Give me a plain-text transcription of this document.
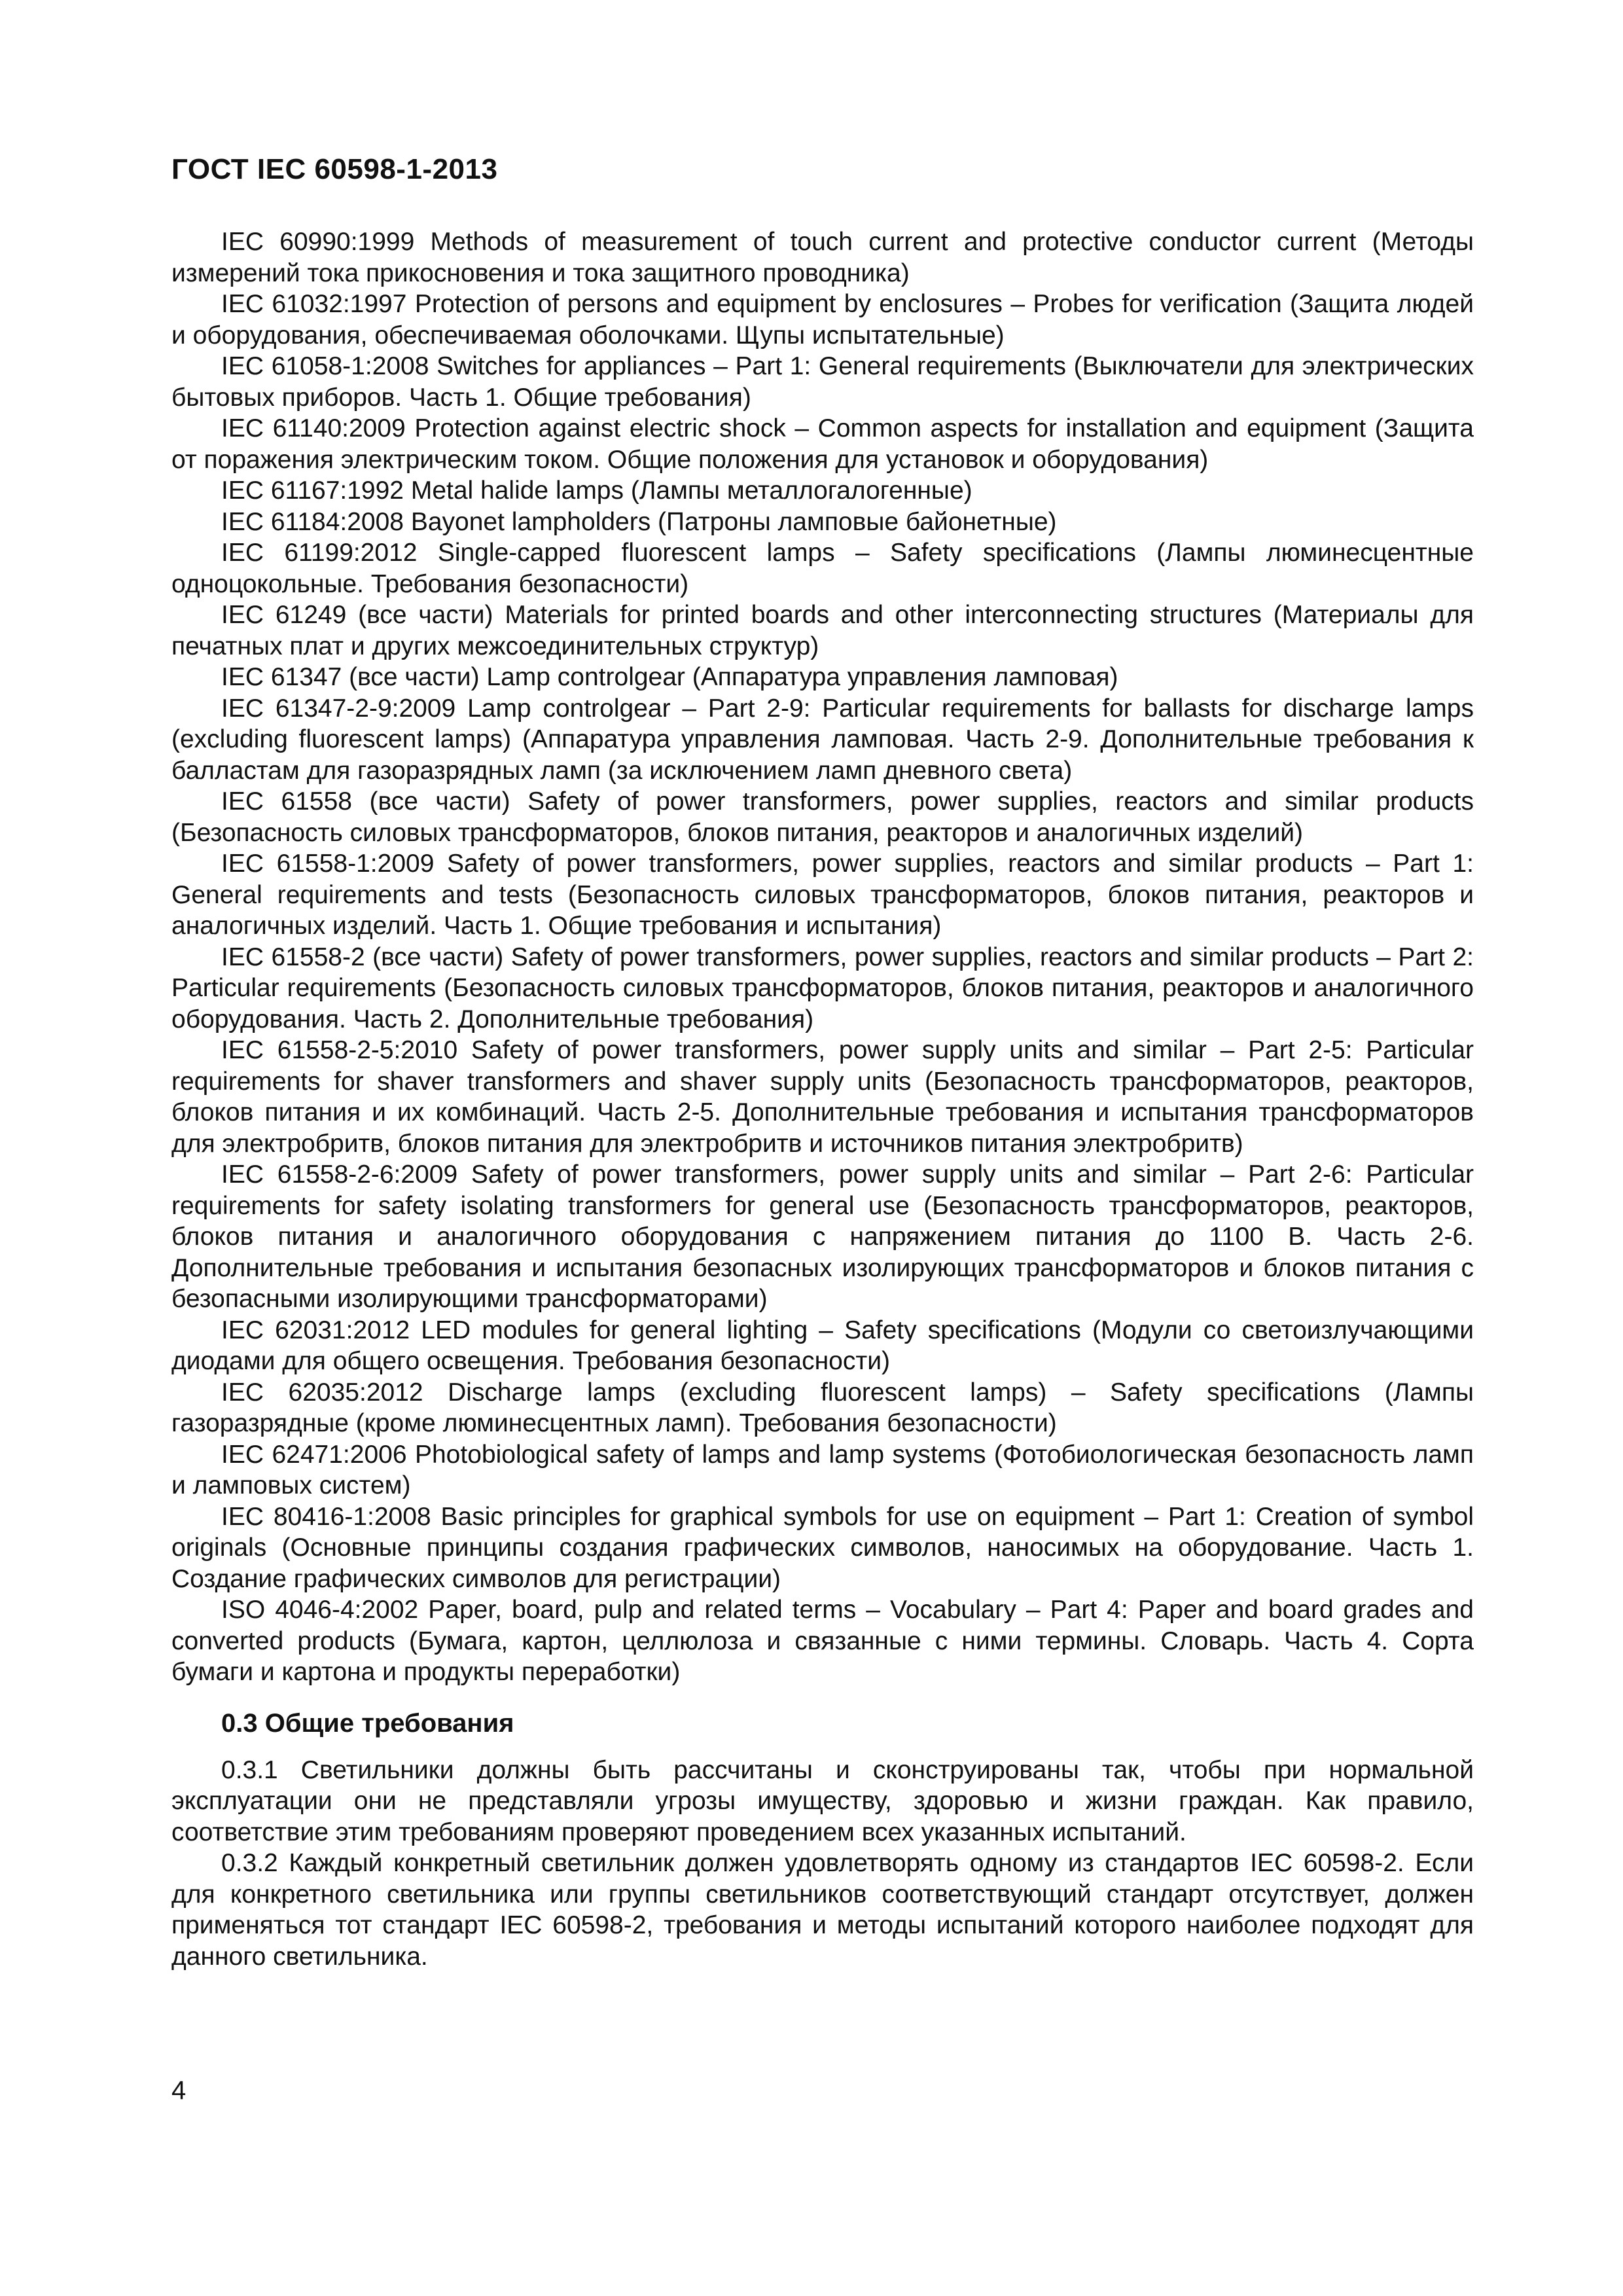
ГОСТ IEC 60598-1-2013

IEC 60990:1999 Methods of measurement of touch current and protective conductor current (Методы измерений тока прикосновения и тока защитного проводника)

IEC 61032:1997 Protection of persons and equipment by enclosures – Probes for verification (Защита людей и оборудования, обеспечиваемая оболочками. Щупы испытательные)

IEC 61058-1:2008 Switches for appliances – Part 1: General requirements (Выключатели для электрических бытовых приборов. Часть 1. Общие требования)

IEC 61140:2009 Protection against electric shock – Common aspects for installation and equipment (Защита от поражения электрическим током. Общие положения для установок и оборудования)

IEC 61167:1992 Metal halide lamps (Лампы металлогалогенные)

IEC 61184:2008 Bayonet lampholders (Патроны ламповые байонетные)

IEC 61199:2012 Single-capped fluorescent lamps – Safety specifications (Лампы люминесцентные одноцокольные. Требования безопасности)

IEC 61249 (все части) Materials for printed boards and other interconnecting structures (Материалы для печатных плат и других межсоединительных структур)

IEC 61347 (все части) Lamp controlgear (Аппаратура управления ламповая)

IEC 61347-2-9:2009 Lamp controlgear – Part 2-9: Particular requirements for ballasts for discharge lamps (excluding fluorescent lamps) (Аппаратура управления ламповая. Часть 2-9. Дополнительные требования к балластам для газоразрядных ламп (за исключением ламп дневного света)

IEC 61558 (все части) Safety of power transformers, power supplies, reactors and similar products (Безопасность силовых трансформаторов, блоков питания, реакторов и аналогичных изделий)

IEC 61558-1:2009 Safety of power transformers, power supplies, reactors and similar products – Part 1: General requirements and tests (Безопасность силовых трансформаторов, блоков питания, реакторов и аналогичных изделий. Часть 1. Общие требования и испытания)

IEC 61558-2 (все части) Safety of power transformers, power supplies, reactors and similar products – Part 2: Particular requirements (Безопасность силовых трансформаторов, блоков питания, реакторов и аналогичного оборудования. Часть 2. Дополнительные требования)

IEC 61558-2-5:2010 Safety of power transformers, power supply units and similar – Part 2-5: Particular requirements for shaver transformers and shaver supply units (Безопасность трансформаторов, реакторов, блоков питания и их комбинаций. Часть 2-5. Дополнительные требования и испытания трансформаторов для электробритв, блоков питания для электробритв и источников питания электробритв)

IEC 61558-2-6:2009 Safety of power transformers, power supply units and similar – Part 2-6: Particular requirements for safety isolating transformers for general use (Безопасность трансформаторов, реакторов, блоков питания и аналогичного оборудования с напряжением питания до 1100 В. Часть 2-6. Дополнительные требования и испытания безопасных изолирующих трансформаторов и блоков питания с безопасными изолирующими трансформаторами)

IEC 62031:2012 LED modules for general lighting – Safety specifications (Модули со светоизлучающими диодами для общего освещения. Требования безопасности)

IEC 62035:2012 Discharge lamps (excluding fluorescent lamps) – Safety specifications (Лампы газоразрядные (кроме люминесцентных ламп). Требования безопасности)

IEC 62471:2006 Photobiological safety of lamps and lamp systems (Фотобиологическая безопасность ламп и ламповых систем)

IEC 80416-1:2008 Basic principles for graphical symbols for use on equipment – Part 1: Creation of symbol originals (Основные принципы создания графических символов, наносимых на оборудование. Часть 1. Создание графических символов для регистрации)

ISO 4046-4:2002 Paper, board, pulp and related terms – Vocabulary – Part 4: Paper and board grades and converted products (Бумага, картон, целлюлоза и связанные с ними термины. Словарь. Часть 4. Сорта бумаги и картона и продукты переработки)

0.3 Общие требования

0.3.1 Светильники должны быть рассчитаны и сконструированы так, чтобы при нормальной эксплуатации они не представляли угрозы имуществу, здоровью и жизни граждан. Как правило, соответствие этим требованиям проверяют проведением всех указанных испытаний.

0.3.2 Каждый конкретный светильник должен удовлетворять одному из стандартов IEC 60598-2. Если для конкретного светильника или группы светильников соответствующий стандарт отсутствует, должен применяться тот стандарт IEC 60598-2, требования и методы испытаний которого наиболее подходят для данного светильника.

4
